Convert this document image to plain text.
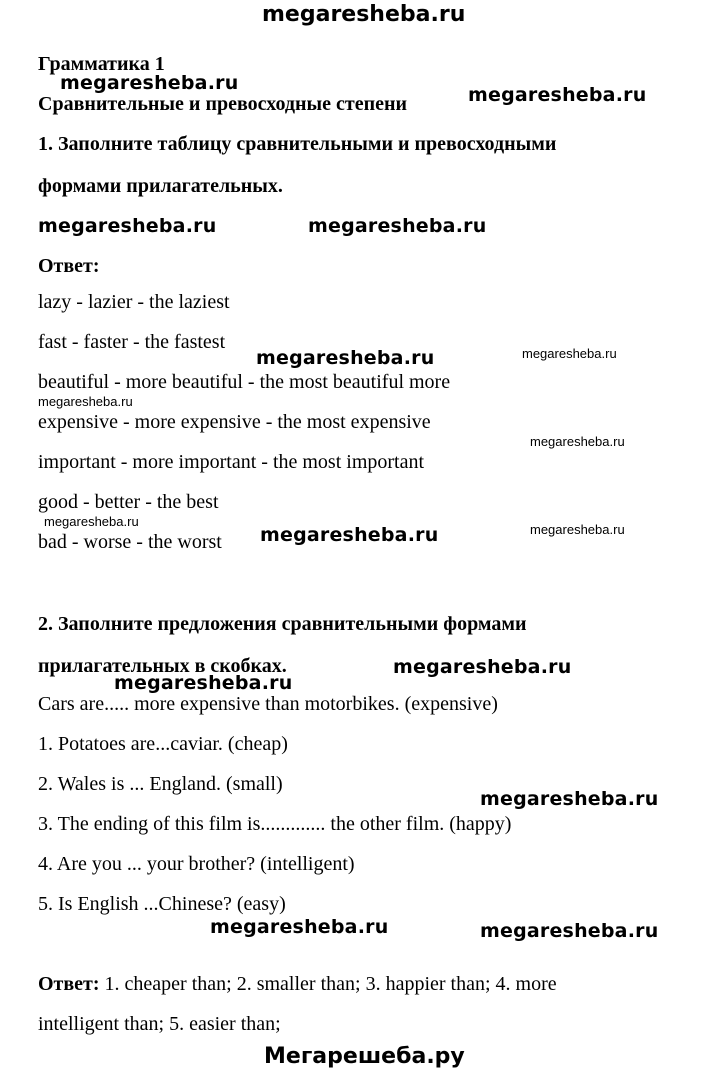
megaresheba.ru
Грамматика 1
Сравнительные и превосходные степени
1. Заполните таблицу сравнительными и превосходными
формами прилагательных.
Ответ:
lazy - lazier - the laziest
fast - faster - the fastest
beautiful - more beautiful - the most beautiful more
expensive - more expensive - the most expensive
important - more important - the most important
good - better - the best
bad - worse - the worst
2. Заполните предложения сравнительными формами
прилагательных в скобках.
Cars are..... more expensive than motorbikes. (expensive)
1. Potatoes are...caviar. (cheap)
2. Wales is ... England. (small)
3. The ending of this film is............. the other film. (happy)
4. Are you ... your brother? (intelligent)
5. Is English ...Chinese? (easy)
Ответ: 1. cheaper than; 2. smaller than; 3. happier than; 4. more
intelligent than; 5. easier than;
megaresheba.ru
megaresheba.ru
megaresheba.ru	megaresheba.ru
megaresheba.ru	megaresheba.ru
megaresheba.ru
megaresheba.ru
megaresheba.ru
megaresheba.ru	megaresheba.ru
megaresheba.ru
megaresheba.ru
megaresheba.ru
megaresheba.ru	megaresheba.ru
Мегарешеба.ру
